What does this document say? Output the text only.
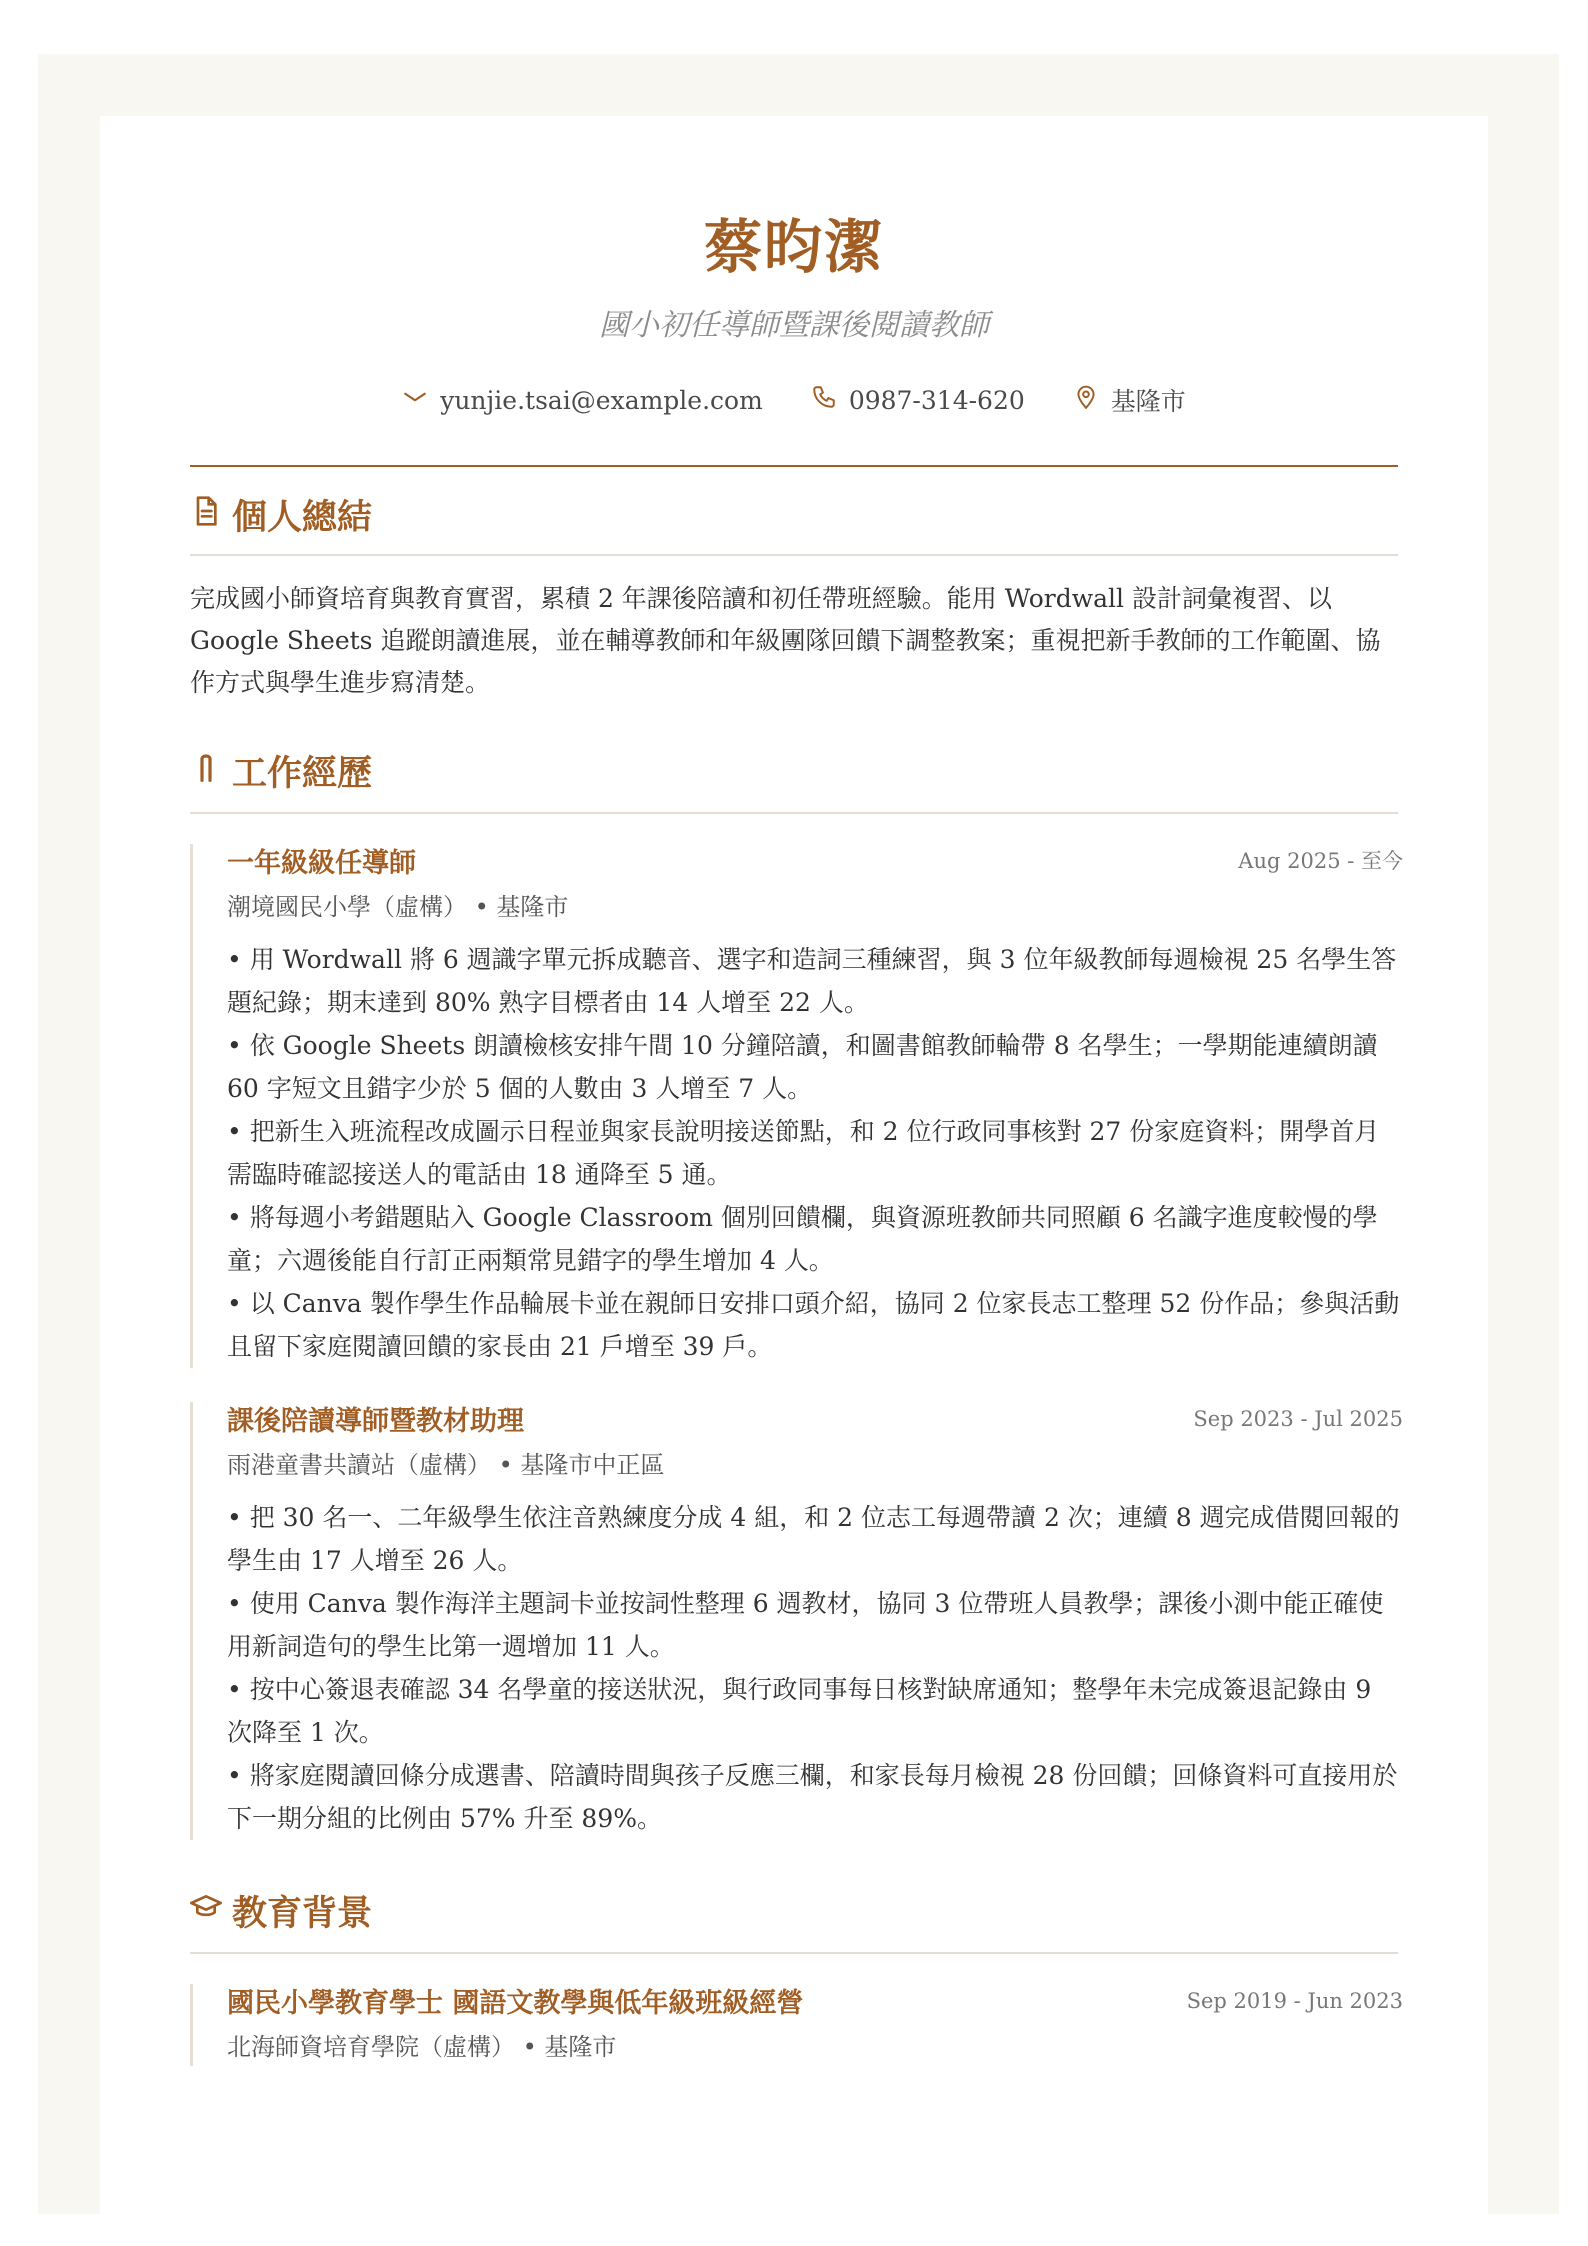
蔡昀潔
國小初任導師暨課後閱讀教師
yunjie.tsai@example.com	0987-314-620	基隆市
個人總結
完成國小師資培育與教育實習，累積 2 年課後陪讀和初任帶班經驗。能用 Wordwall 設計詞彙複習、以 Google Sheets 追蹤朗讀進展，並在輔導教師和年級團隊回饋下調整教案；重視把新手教師的工作範圍、協作方式與學生進步寫清楚。
工作經歷
一年級級任導師	Aug 2025 - 至今
潮境國民小學（虛構） • 基隆市
• 用 Wordwall 將 6 週識字單元拆成聽音、選字和造詞三種練習，與 3 位年級教師每週檢視 25 名學生答題紀錄；期末達到 80% 熟字目標者由 14 人增至 22 人。
• 依 Google Sheets 朗讀檢核安排午間 10 分鐘陪讀，和圖書館教師輪帶 8 名學生；一學期能連續朗讀 60 字短文且錯字少於 5 個的人數由 3 人增至 7 人。
• 把新生入班流程改成圖示日程並與家長說明接送節點，和 2 位行政同事核對 27 份家庭資料；開學首月需臨時確認接送人的電話由 18 通降至 5 通。
• 將每週小考錯題貼入 Google Classroom 個別回饋欄，與資源班教師共同照顧 6 名識字進度較慢的學童；六週後能自行訂正兩類常見錯字的學生增加 4 人。
• 以 Canva 製作學生作品輪展卡並在親師日安排口頭介紹，協同 2 位家長志工整理 52 份作品；參與活動且留下家庭閱讀回饋的家長由 21 戶增至 39 戶。
課後陪讀導師暨教材助理	Sep 2023 - Jul 2025
雨港童書共讀站（虛構） • 基隆市中正區
• 把 30 名一、二年級學生依注音熟練度分成 4 組，和 2 位志工每週帶讀 2 次；連續 8 週完成借閱回報的學生由 17 人增至 26 人。
• 使用 Canva 製作海洋主題詞卡並按詞性整理 6 週教材，協同 3 位帶班人員教學；課後小測中能正確使用新詞造句的學生比第一週增加 11 人。
• 按中心簽退表確認 34 名學童的接送狀況，與行政同事每日核對缺席通知；整學年未完成簽退記錄由 9 次降至 1 次。
• 將家庭閱讀回條分成選書、陪讀時間與孩子反應三欄，和家長每月檢視 28 份回饋；回條資料可直接用於下一期分組的比例由 57% 升至 89%。
教育背景
國民小學教育學士 國語文教學與低年級班級經營	Sep 2019 - Jun 2023
北海師資培育學院（虛構） • 基隆市
